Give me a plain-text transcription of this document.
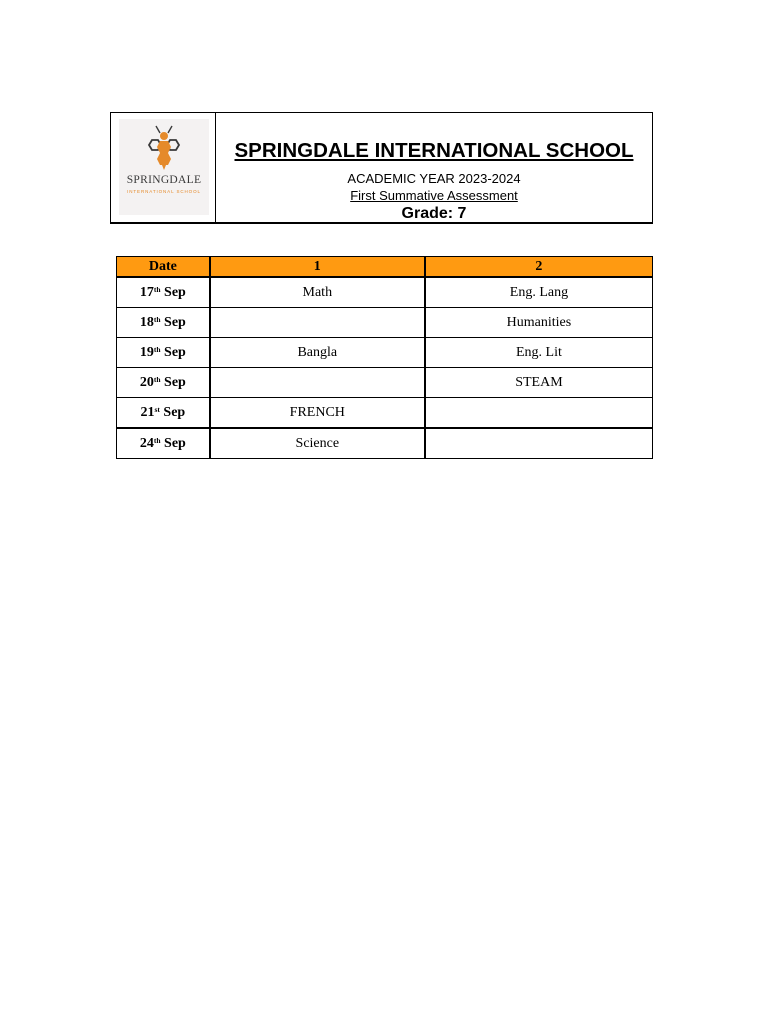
SPRINGDALE
INTERNATIONAL SCHOOL
SPRINGDALE INTERNATIONAL SCHOOL
ACADEMIC YEAR 2023-2024
First Summative Assessment
Grade: 7
Date	1	2
17th Sep	Math	Eng. Lang
18th Sep		Humanities
19th Sep	Bangla	Eng. Lit
20th Sep		STEAM
21st Sep	FRENCH	
24th Sep	Science	
